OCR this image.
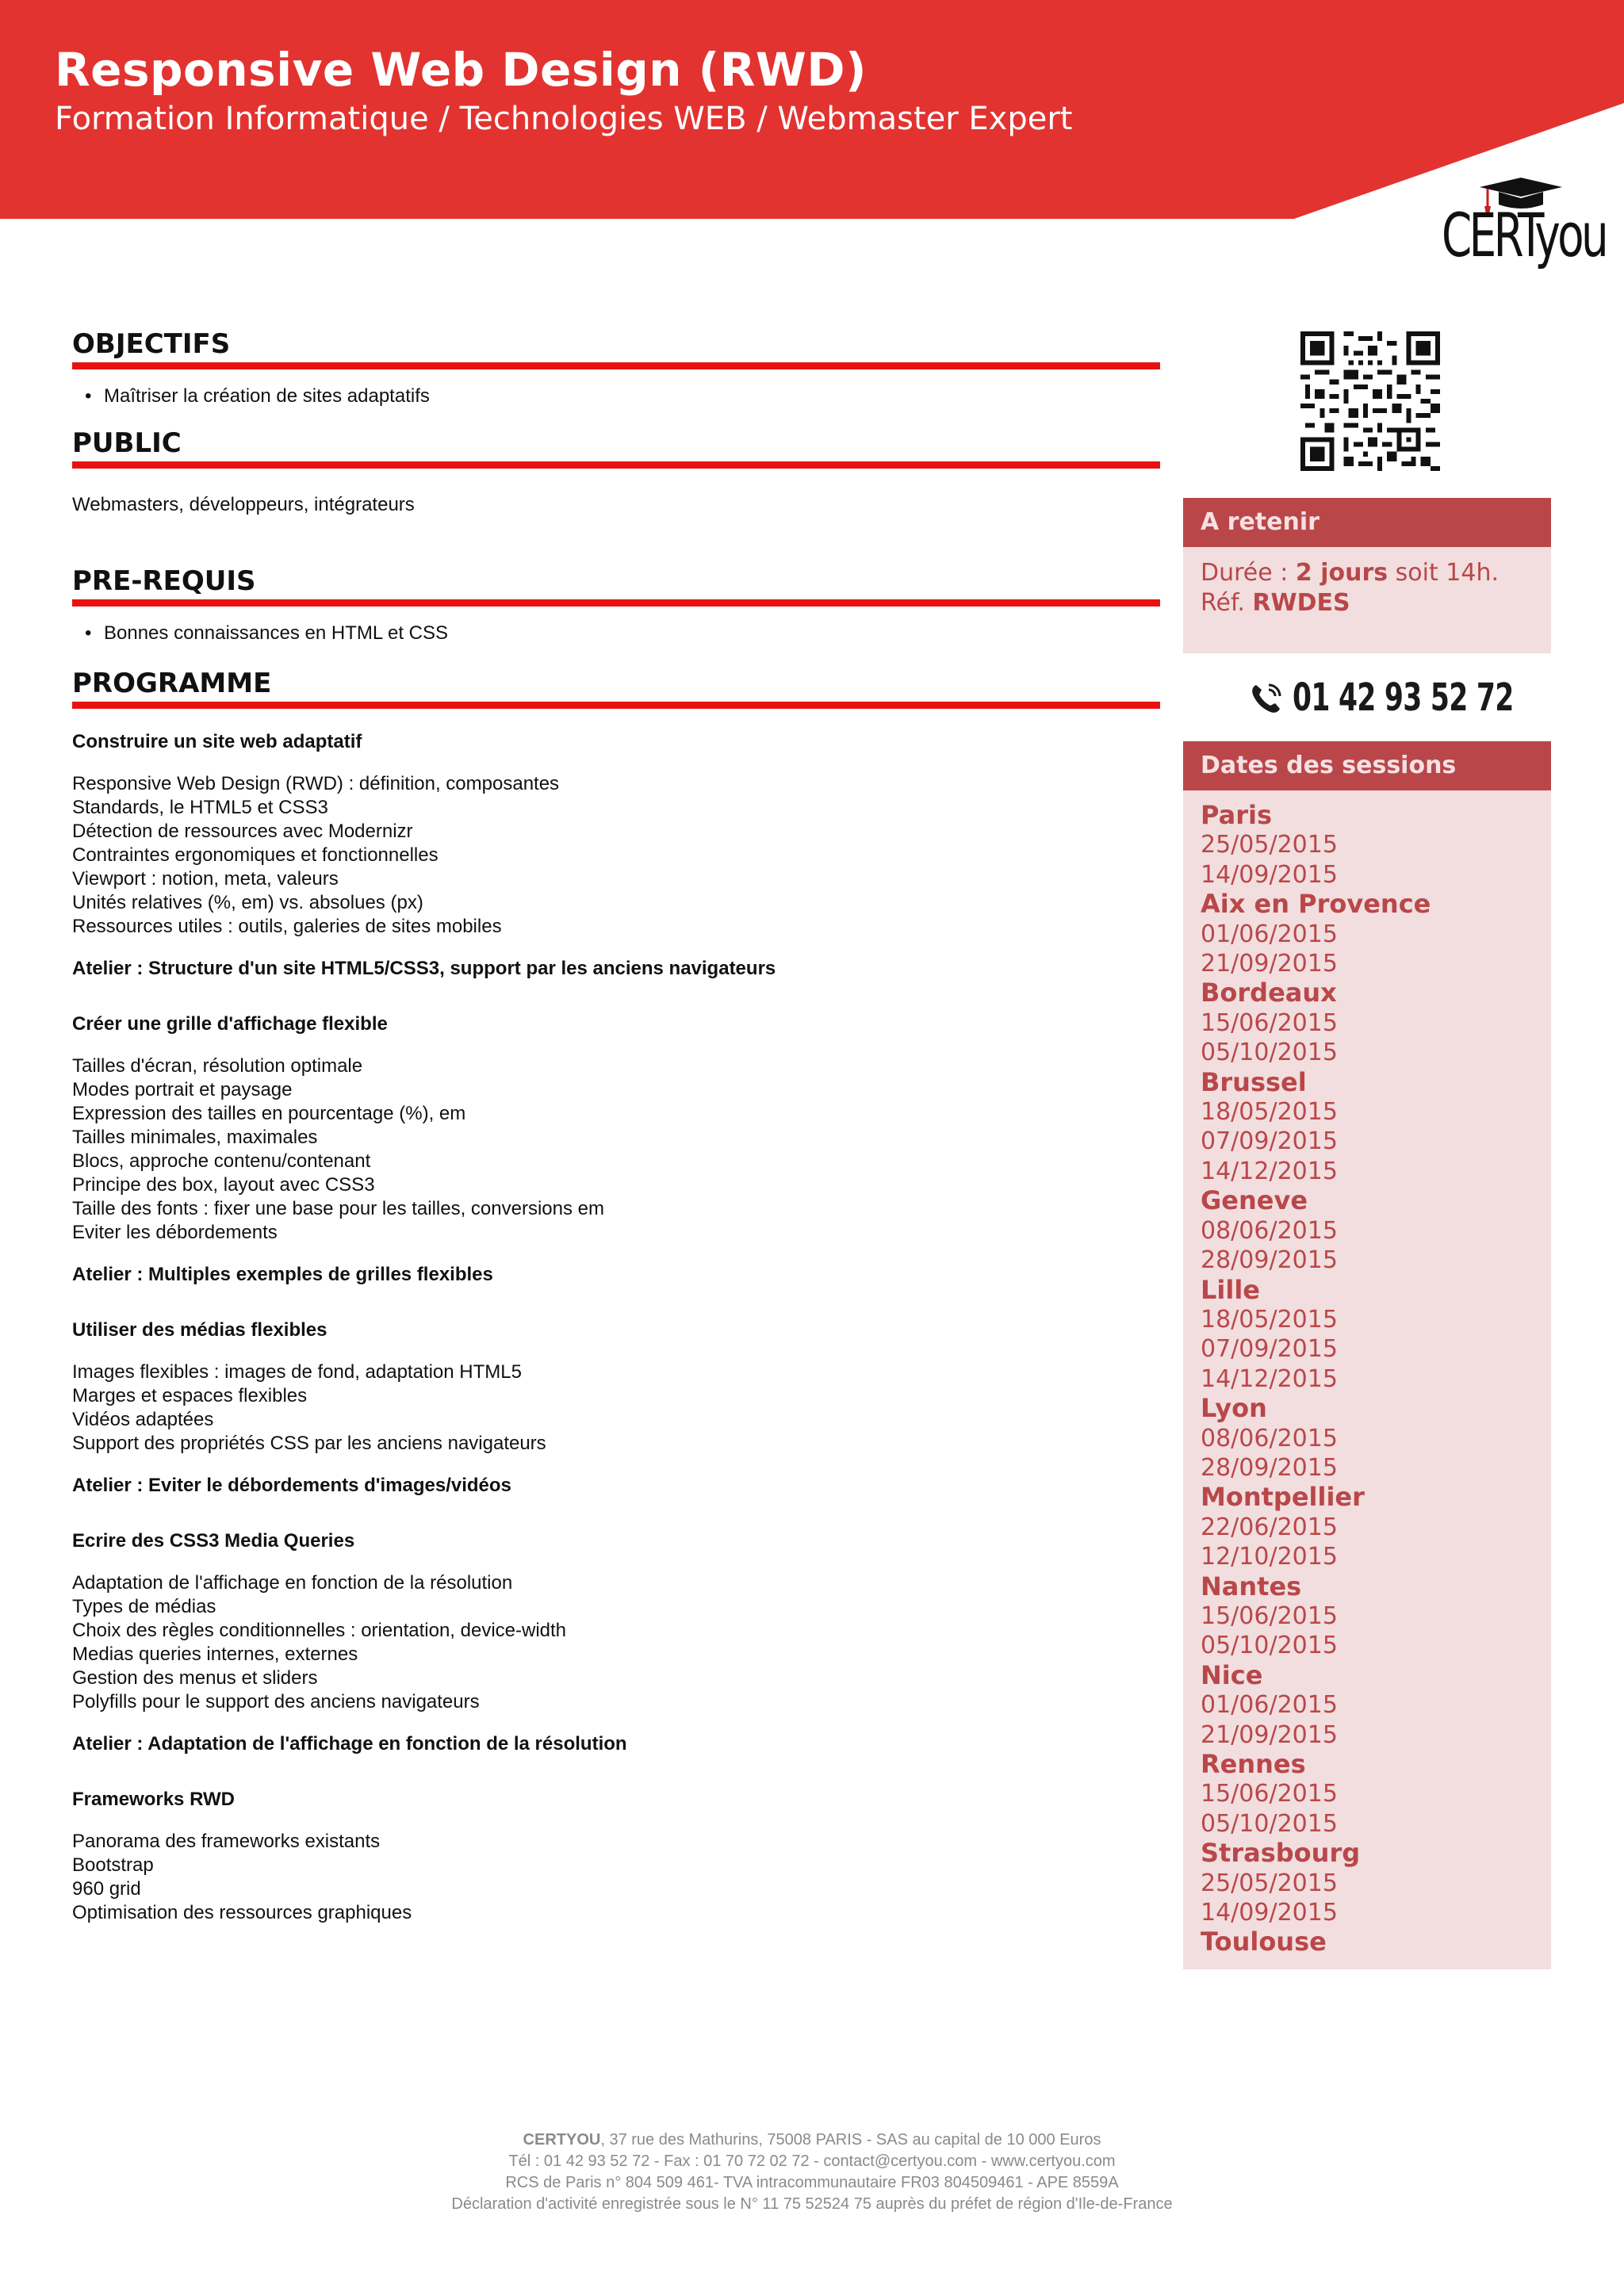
Responsive Web Design (RWD)
Formation Informatique / Technologies WEB / Webmaster Expert
CERTyou
OBJECTIFS
• Maîtriser la création de sites adaptatifs
PUBLIC

Webmasters, développeurs, intégrateurs

PRE-REQUIS
• Bonnes connaissances en HTML et CSS
PROGRAMME

Construire un site web adaptatif

Responsive Web Design (RWD) : définition, composantes
Standards, le HTML5 et CSS3
Détection de ressources avec Modernizr
Contraintes ergonomiques et fonctionnelles
Viewport : notion, meta, valeurs
Unités relatives (%, em) vs. absolues (px)
Ressources utiles : outils, galeries de sites mobiles

Atelier : Structure d'un site HTML5/CSS3, support par les anciens navigateurs

Créer une grille d'affichage flexible

Tailles d'écran, résolution optimale
Modes portrait et paysage
Expression des tailles en pourcentage (%), em
Tailles minimales, maximales
Blocs, approche contenu/contenant
Principe des box, layout avec CSS3
Taille des fonts : fixer une base pour les tailles, conversions em
Eviter les débordements

Atelier : Multiples exemples de grilles flexibles

Utiliser des médias flexibles

Images flexibles : images de fond, adaptation HTML5
Marges et espaces flexibles
Vidéos adaptées
Support des propriétés CSS par les anciens navigateurs

Atelier : Eviter le débordements d'images/vidéos

Ecrire des CSS3 Media Queries

Adaptation de l'affichage en fonction de la résolution
Types de médias
Choix des règles conditionnelles : orientation, device-width
Medias queries internes, externes
Gestion des menus et sliders
Polyfills pour le support des anciens navigateurs

Atelier : Adaptation de l'affichage en fonction de la résolution

Frameworks RWD

Panorama des frameworks existants
Bootstrap
960 grid
Optimisation des ressources graphiques
A retenir
Durée : 2 jours soit 14h.
Réf. RWDES
01 42 93 52 72
Dates des sessions
Paris
25/05/2015
14/09/2015
Aix en Provence
01/06/2015
21/09/2015
Bordeaux
15/06/2015
05/10/2015
Brussel
18/05/2015
07/09/2015
14/12/2015
Geneve
08/06/2015
28/09/2015
Lille
18/05/2015
07/09/2015
14/12/2015
Lyon
08/06/2015
28/09/2015
Montpellier
22/06/2015
12/10/2015
Nantes
15/06/2015
05/10/2015
Nice
01/06/2015
21/09/2015
Rennes
15/06/2015
05/10/2015
Strasbourg
25/05/2015
14/09/2015
Toulouse
CERTYOU, 37 rue des Mathurins, 75008 PARIS - SAS au capital de 10 000 Euros
Tél : 01 42 93 52 72 - Fax : 01 70 72 02 72 - contact@certyou.com - www.certyou.com
RCS de Paris n° 804 509 461- TVA intracommunautaire FR03 804509461 - APE 8559A
Déclaration d'activité enregistrée sous le N° 11 75 52524 75 auprès du préfet de région d'Ile-de-France
